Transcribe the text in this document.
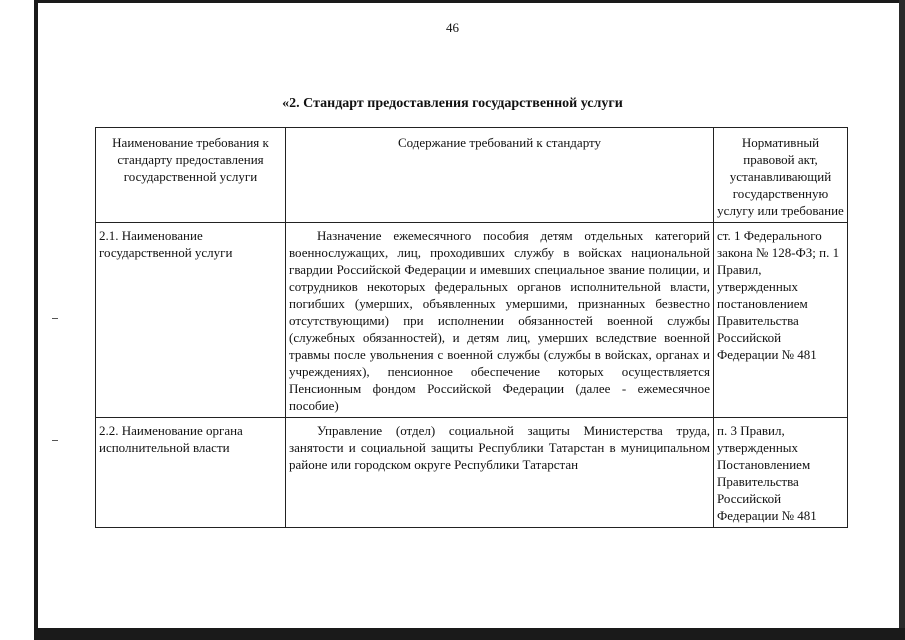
46
«2. Стандарт предоставления государственной услуги
Наименование требования к стандарту предоставления государственной услуги	Содержание требований к стандарту	Нормативный правовой акт, устанавливающий государственную услугу или требование
2.1. Наименование государственной услуги	Назначение ежемесячного пособия детям отдельных категорий военнослужащих, лиц, проходивших службу в войсках национальной гвардии Российской Федерации и имевших специальное звание полиции, и сотрудников некоторых федеральных органов исполнительной власти, погибших (умерших, объявленных умершими, признанных безвестно отсутствующими) при исполнении обязанностей военной службы (служебных обязанностей), и детям лиц, умерших вследствие военной травмы после увольнения с военной службы (службы в войсках, органах и учреждениях), пенсионное обеспечение которых осуществляется Пенсионным фондом Российской Федерации (далее - ежемесячное пособие)	ст. 1 Федерального закона № 128-ФЗ; п. 1 Правил, утвержденных постановлением Правительства Российской Федерации № 481
2.2. Наименование органа исполнительной власти	Управление (отдел) социальной защиты Министерства труда, занятости и социальной защиты Республики Татарстан в муниципальном районе или городском округе Республики Татарстан	п. 3 Правил, утвержденных Постановлением Правительства Российской Федерации № 481
